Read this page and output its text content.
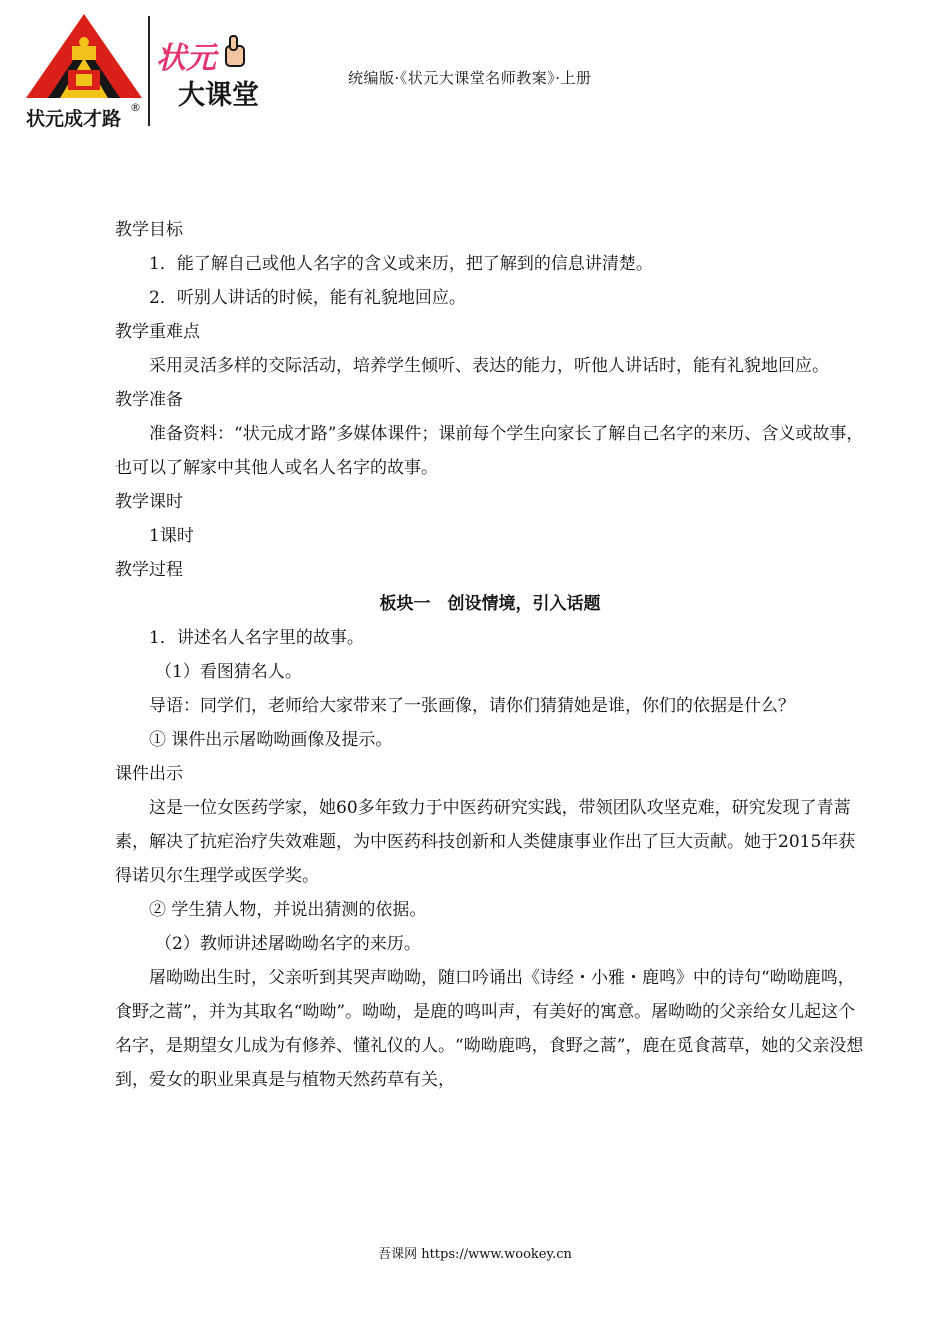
状元成才路
®
状元
大课堂
统编版·《状元大课堂名师教案》·上册

教学目标

1．能了解自己或他人名字的含义或来历，把了解到的信息讲清楚。

2．听别人讲话的时候，能有礼貌地回应。

教学重难点

采用灵活多样的交际活动，培养学生倾听、表达的能力，听他人讲话时，能有礼貌地回应。

教学准备

准备资料：“状元成才路”多媒体课件；课前每个学生向家长了解自己名字的来历、含义或故事，也可以了解家中其他人或名人名字的故事。

教学课时

1课时

教学过程

板块一　创设情境，引入话题

1．讲述名人名字里的故事。

（1）看图猜名人。

导语：同学们，老师给大家带来了一张画像，请你们猜猜她是谁，你们的依据是什么？

① 课件出示屠呦呦画像及提示。

课件出示

这是一位女医药学家，她60多年致力于中医药研究实践，带领团队攻坚克难，研究发现了青蒿素，解决了抗疟治疗失效难题，为中医药科技创新和人类健康事业作出了巨大贡献。她于2015年获得诺贝尔生理学或医学奖。

② 学生猜人物，并说出猜测的依据。

（2）教师讲述屠呦呦名字的来历。

屠呦呦出生时，父亲听到其哭声呦呦，随口吟诵出《诗经・小雅・鹿鸣》中的诗句“呦呦鹿鸣，食野之蒿”，并为其取名“呦呦”。呦呦，是鹿的鸣叫声，有美好的寓意。屠呦呦的父亲给女儿起这个名字，是期望女儿成为有修养、懂礼仪的人。“呦呦鹿鸣，食野之蒿”，鹿在觅食蒿草，她的父亲没想到，爱女的职业果真是与植物天然药草有关，

吾课网 https://www.wookey.cn
